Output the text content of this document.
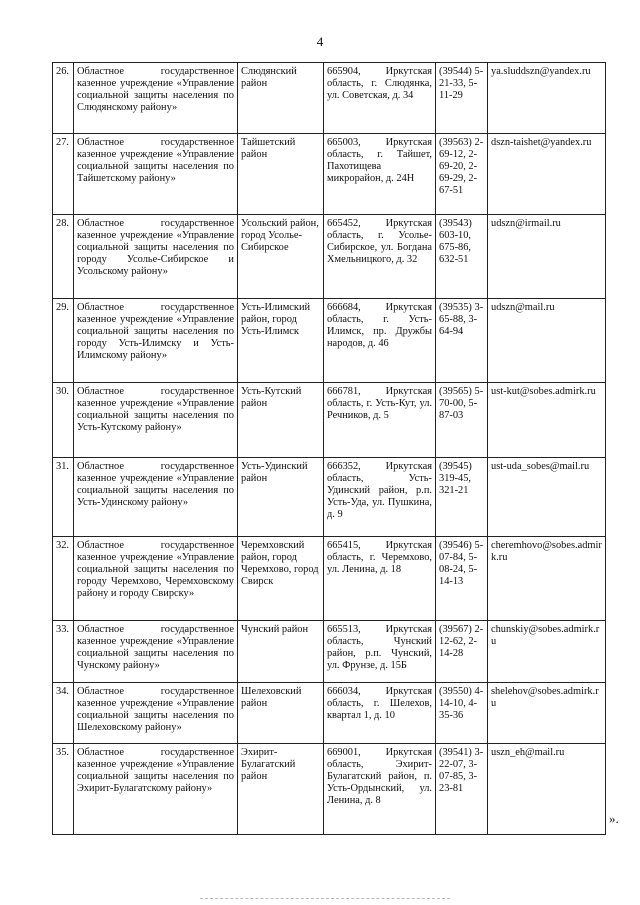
4
26.	Областное государственное казенное учреждение «Управление социальной защиты населения по Слюдянскому району»	Слюдянский район	665904, Иркутская область, г. Слюдянка, ул. Советская, д. 34	(39544) 5-21-33, 5-11-29	ya.sluddszn@yandex.ru
27.	Областное государственное казенное учреждение «Управление социальной защиты населения по Тайшетскому району»	Тайшетский район	665003, Иркутская область, г. Тайшет, Пахотищева микрорайон, д. 24Н	(39563) 2-69-12, 2-69-20, 2-69-29, 2-67-51	dszn-taishet@yandex.ru
28.	Областное государственное казенное учреждение «Управление социальной защиты населения по городу Усолье-Сибирское и Усольскому району»	Усольский район, город Усолье-Сибирское	665452, Иркутская область, г. Усолье-Сибирское, ул. Богдана Хмельницкого, д. 32	(39543) 603-10, 675-86, 632-51	udszn@irmail.ru
29.	Областное государственное казенное учреждение «Управление социальной защиты населения по городу Усть-Илимску и Усть-Илимскому району»	Усть-Илимский район, город Усть-Илимск	666684, Иркутская область, г. Усть-Илимск, пр. Дружбы народов, д. 46	(39535) 3-65-88, 3-64-94	udszn@mail.ru
30.	Областное государственное казенное учреждение «Управление социальной защиты населения по Усть-Кутскому району»	Усть-Кутский район	666781, Иркутская область, г. Усть-Кут, ул. Речников, д. 5	(39565) 5-70-00, 5-87-03	ust-kut@sobes.admirk.ru
31.	Областное государственное казенное учреждение «Управление социальной защиты населения по Усть-Удинскому району»	Усть-Удинский район	666352, Иркутская область, Усть-Удинский район, р.п. Усть-Уда, ул. Пушкина, д. 9	(39545) 319-45, 321-21	ust-uda_sobes@mail.ru
32.	Областное государственное казенное учреждение «Управление социальной защиты населения по городу Черемхово, Черемховскому району и городу Свирску»	Черемховский район, город Черемхово, город Свирск	665415, Иркутская область, г. Черемхово, ул. Ленина, д. 18	(39546) 5-07-84, 5-08-24, 5-14-13	cheremhovo@sobes.admirk.ru
33.	Областное государственное казенное учреждение «Управление социальной защиты населения по Чунскому району»	Чунский район	665513, Иркутская область, Чунский район, р.п. Чунский, ул. Фрунзе, д. 15Б	(39567) 2-12-62, 2-14-28	chunskiy@sobes.admirk.ru
34.	Областное государственное казенное учреждение «Управление социальной защиты населения по Шелеховскому району»	Шелеховский район	666034, Иркутская область, г. Шелехов, квартал 1, д. 10	(39550) 4-14-10, 4-35-36	shelehov@sobes.admirk.ru
35.	Областное государственное казенное учреждение «Управление социальной защиты населения по Эхирит-Булагатскому району»	Эхирит-Булагатский район	669001, Иркутская область, Эхирит-Булагатский район, п. Усть-Ордынский, ул. Ленина, д. 8	(39541) 3-22-07, 3-07-85, 3-23-81	uszn_eh@mail.ru
».
